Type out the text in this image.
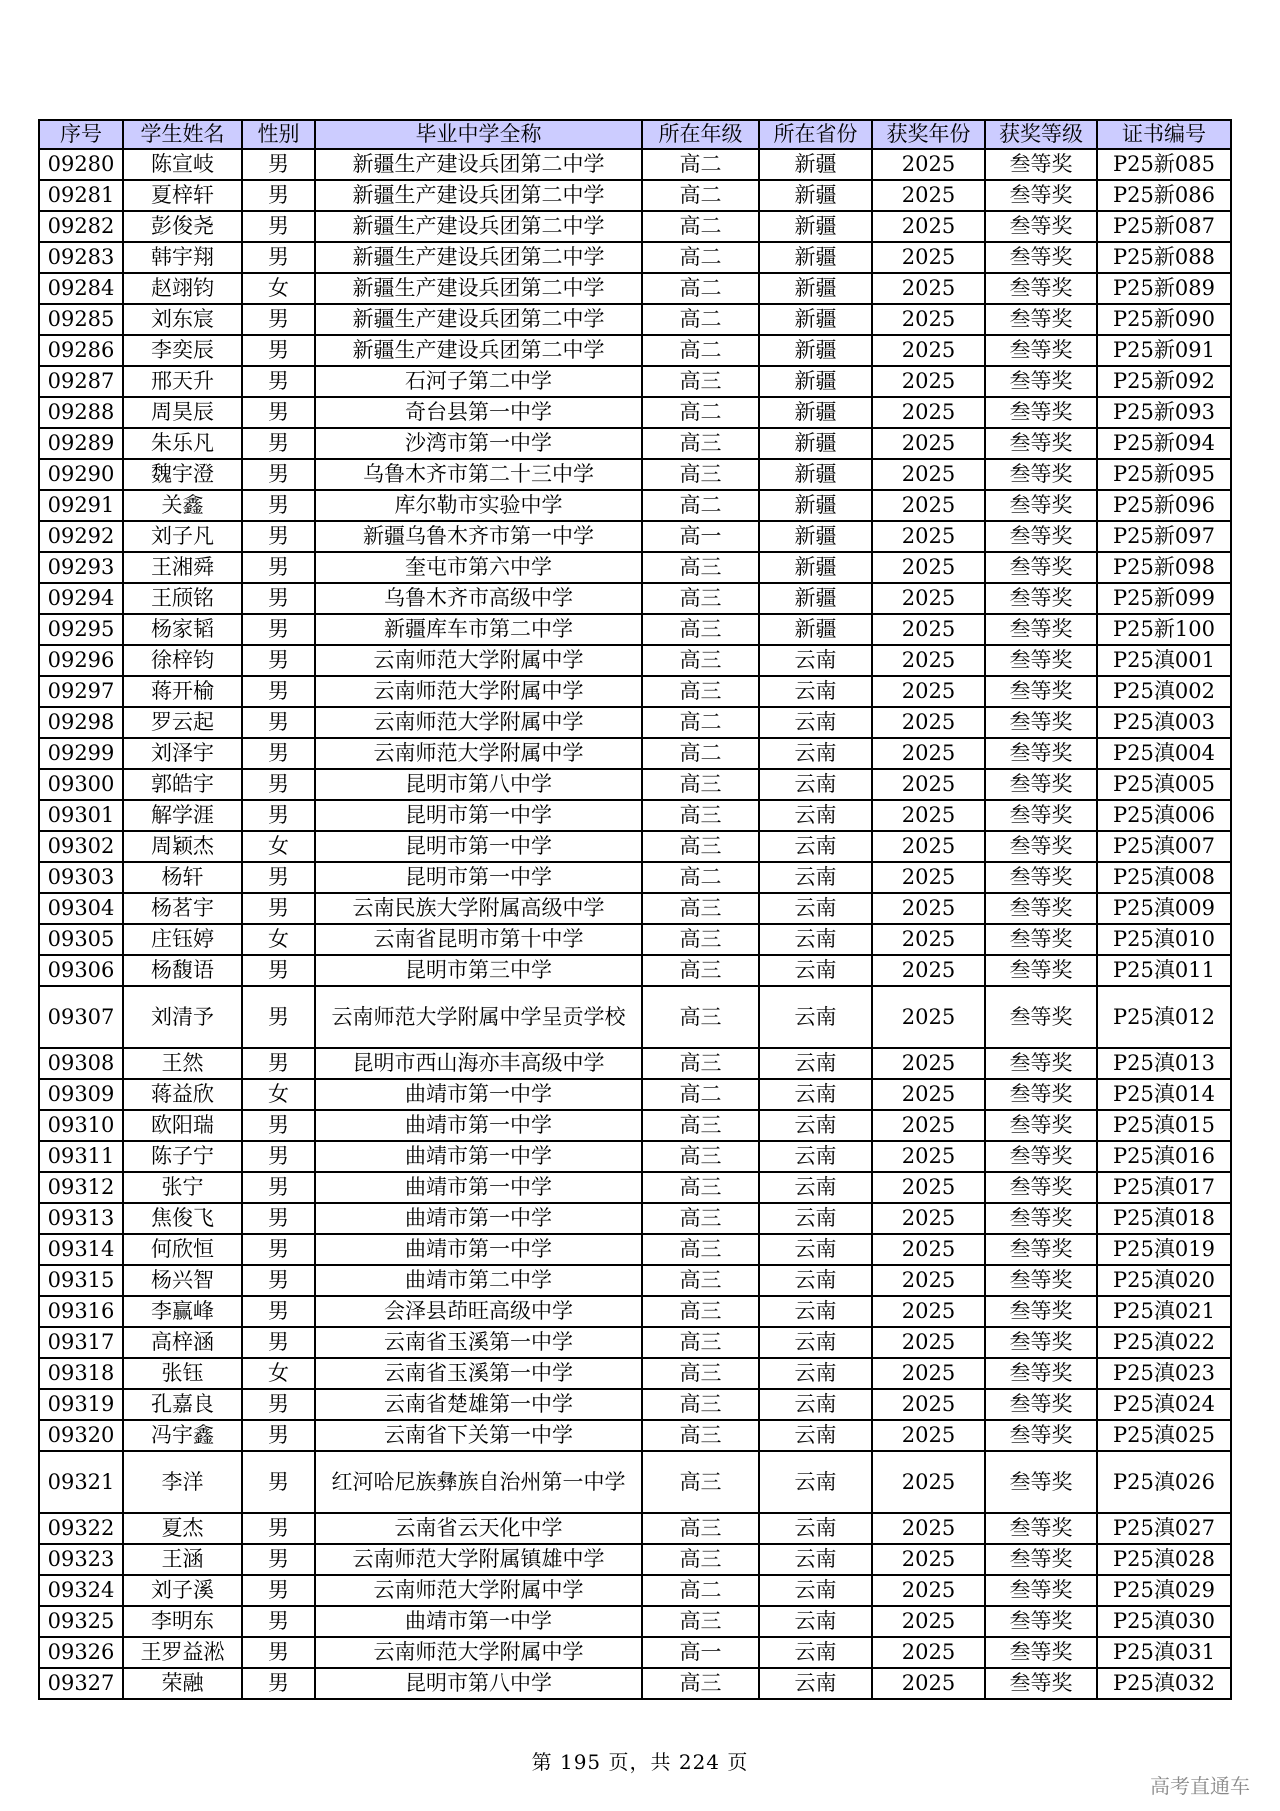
序号	学生姓名	性别	毕业中学全称	所在年级	所在省份	获奖年份	获奖等级	证书编号
09280	陈宣岐	男	新疆生产建设兵团第二中学	高二	新疆	2025	叁等奖	P25新085
09281	夏梓轩	男	新疆生产建设兵团第二中学	高二	新疆	2025	叁等奖	P25新086
09282	彭俊尧	男	新疆生产建设兵团第二中学	高二	新疆	2025	叁等奖	P25新087
09283	韩宇翔	男	新疆生产建设兵团第二中学	高二	新疆	2025	叁等奖	P25新088
09284	赵翊钧	女	新疆生产建设兵团第二中学	高二	新疆	2025	叁等奖	P25新089
09285	刘东宸	男	新疆生产建设兵团第二中学	高二	新疆	2025	叁等奖	P25新090
09286	李奕辰	男	新疆生产建设兵团第二中学	高二	新疆	2025	叁等奖	P25新091
09287	邢天升	男	石河子第二中学	高三	新疆	2025	叁等奖	P25新092
09288	周昊辰	男	奇台县第一中学	高二	新疆	2025	叁等奖	P25新093
09289	朱乐凡	男	沙湾市第一中学	高三	新疆	2025	叁等奖	P25新094
09290	魏宇澄	男	乌鲁木齐市第二十三中学	高三	新疆	2025	叁等奖	P25新095
09291	关鑫	男	库尔勒市实验中学	高二	新疆	2025	叁等奖	P25新096
09292	刘子凡	男	新疆乌鲁木齐市第一中学	高一	新疆	2025	叁等奖	P25新097
09293	王湘舜	男	奎屯市第六中学	高三	新疆	2025	叁等奖	P25新098
09294	王颀铭	男	乌鲁木齐市高级中学	高三	新疆	2025	叁等奖	P25新099
09295	杨家韬	男	新疆库车市第二中学	高三	新疆	2025	叁等奖	P25新100
09296	徐梓钧	男	云南师范大学附属中学	高三	云南	2025	叁等奖	P25滇001
09297	蒋开榆	男	云南师范大学附属中学	高三	云南	2025	叁等奖	P25滇002
09298	罗云起	男	云南师范大学附属中学	高二	云南	2025	叁等奖	P25滇003
09299	刘泽宇	男	云南师范大学附属中学	高二	云南	2025	叁等奖	P25滇004
09300	郭皓宇	男	昆明市第八中学	高三	云南	2025	叁等奖	P25滇005
09301	解学涯	男	昆明市第一中学	高三	云南	2025	叁等奖	P25滇006
09302	周颖杰	女	昆明市第一中学	高三	云南	2025	叁等奖	P25滇007
09303	杨轩	男	昆明市第一中学	高二	云南	2025	叁等奖	P25滇008
09304	杨茗宇	男	云南民族大学附属高级中学	高三	云南	2025	叁等奖	P25滇009
09305	庄钰婷	女	云南省昆明市第十中学	高三	云南	2025	叁等奖	P25滇010
09306	杨馥语	男	昆明市第三中学	高三	云南	2025	叁等奖	P25滇011
09307	刘清予	男	云南师范大学附属中学呈贡学校	高三	云南	2025	叁等奖	P25滇012
09308	王然	男	昆明市西山海亦丰高级中学	高三	云南	2025	叁等奖	P25滇013
09309	蒋益欣	女	曲靖市第一中学	高二	云南	2025	叁等奖	P25滇014
09310	欧阳瑞	男	曲靖市第一中学	高三	云南	2025	叁等奖	P25滇015
09311	陈子宁	男	曲靖市第一中学	高三	云南	2025	叁等奖	P25滇016
09312	张宁	男	曲靖市第一中学	高三	云南	2025	叁等奖	P25滇017
09313	焦俊飞	男	曲靖市第一中学	高三	云南	2025	叁等奖	P25滇018
09314	何欣恒	男	曲靖市第一中学	高三	云南	2025	叁等奖	P25滇019
09315	杨兴智	男	曲靖市第二中学	高三	云南	2025	叁等奖	P25滇020
09316	李赢峰	男	会泽县茚旺高级中学	高三	云南	2025	叁等奖	P25滇021
09317	高梓涵	男	云南省玉溪第一中学	高三	云南	2025	叁等奖	P25滇022
09318	张钰	女	云南省玉溪第一中学	高三	云南	2025	叁等奖	P25滇023
09319	孔嘉良	男	云南省楚雄第一中学	高三	云南	2025	叁等奖	P25滇024
09320	冯宇鑫	男	云南省下关第一中学	高三	云南	2025	叁等奖	P25滇025
09321	李洋	男	红河哈尼族彝族自治州第一中学	高三	云南	2025	叁等奖	P25滇026
09322	夏杰	男	云南省云天化中学	高三	云南	2025	叁等奖	P25滇027
09323	王涵	男	云南师范大学附属镇雄中学	高三	云南	2025	叁等奖	P25滇028
09324	刘子溪	男	云南师范大学附属中学	高二	云南	2025	叁等奖	P25滇029
09325	李明东	男	曲靖市第一中学	高三	云南	2025	叁等奖	P25滇030
09326	王罗益淞	男	云南师范大学附属中学	高一	云南	2025	叁等奖	P25滇031
09327	荣融	男	昆明市第八中学	高三	云南	2025	叁等奖	P25滇032
第 195 页，共 224 页
高考直通车
